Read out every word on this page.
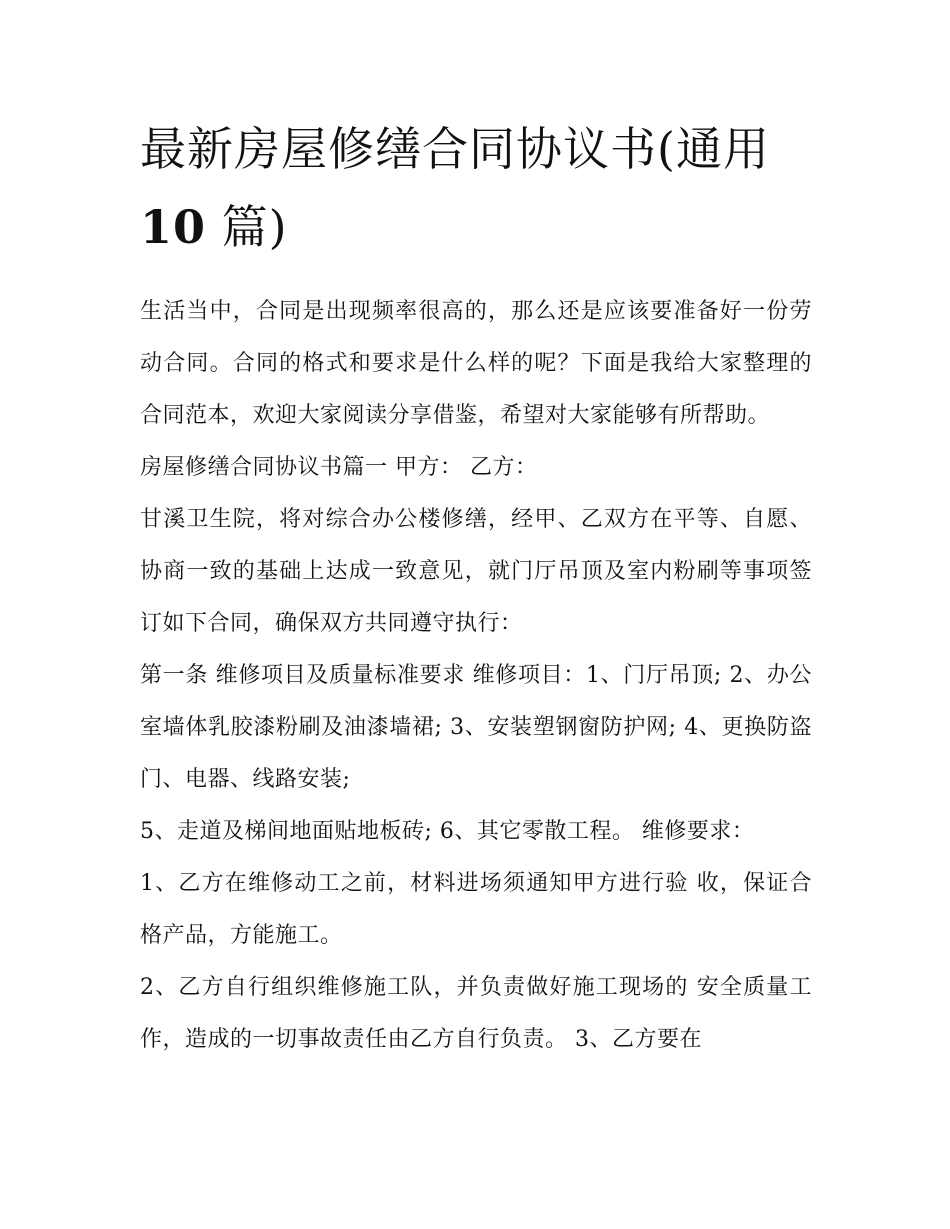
最新房屋修缮合同协议书(通用
10 篇)

生活当中，合同是出现频率很高的，那么还是应该要准备好一份劳动合同。合同的格式和要求是什么样的呢？下面是我给大家整理的合同范本，欢迎大家阅读分享借鉴，希望对大家能够有所帮助。

房屋修缮合同协议书篇一 甲方： 乙方：

甘溪卫生院，将对综合办公楼修缮，经甲、乙双方在平等、自愿、协商一致的基础上达成一致意见，就门厅吊顶及室内粉刷等事项签订如下合同，确保双方共同遵守执行：

第一条 维修项目及质量标准要求 维修项目：1、门厅吊顶; 2、办公室墙体乳胶漆粉刷及油漆墙裙; 3、安装塑钢窗防护网; 4、更换防盗门、电器、线路安装;

5、走道及梯间地面贴地板砖; 6、其它零散工程。 维修要求：

1、乙方在维修动工之前，材料进场须通知甲方进行验 收，保证合格产品，方能施工。

2、乙方自行组织维修施工队，并负责做好施工现场的 安全质量工作，造成的一切事故责任由乙方自行负责。 3、乙方要在
